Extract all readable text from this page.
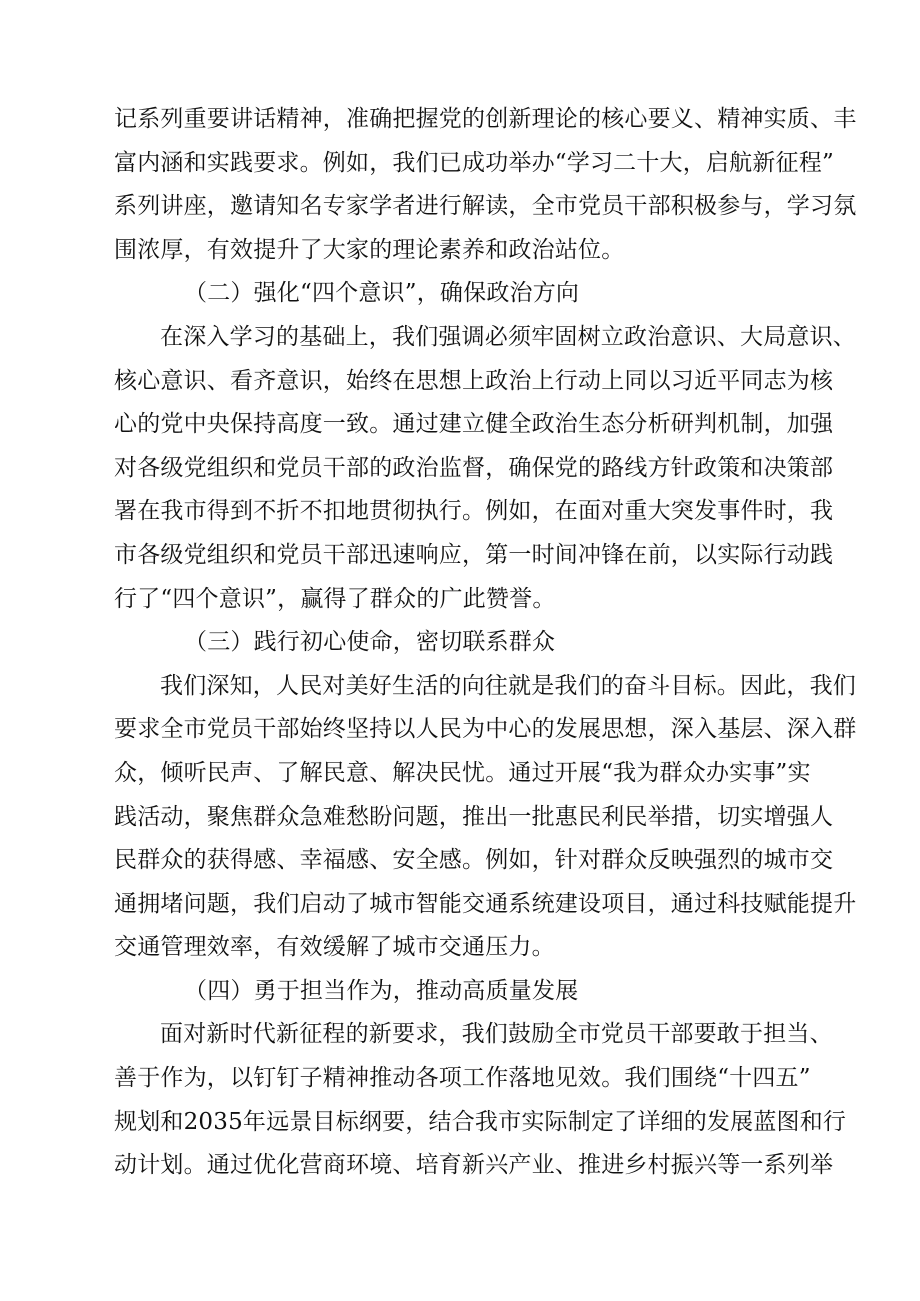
记系列重要讲话精神，准确把握党的创新理论的核心要义、精神实质、丰
富内涵和实践要求。例如，我们已成功举办“学习二十大，启航新征程”
系列讲座，邀请知名专家学者进行解读，全市党员干部积极参与，学习氛
围浓厚，有效提升了大家的理论素养和政治站位。
（二）强化“四个意识”，确保政治方向
在深入学习的基础上，我们强调必须牢固树立政治意识、大局意识、
核心意识、看齐意识，始终在思想上政治上行动上同以习近平同志为核
心的党中央保持高度一致。通过建立健全政治生态分析研判机制，加强
对各级党组织和党员干部的政治监督，确保党的路线方针政策和决策部
署在我市得到不折不扣地贯彻执行。例如，在面对重大突发事件时，我
市各级党组织和党员干部迅速响应，第一时间冲锋在前，以实际行动践
行了“四个意识”，赢得了群众的广此赞誉。
（三）践行初心使命，密切联系群众
我们深知，人民对美好生活的向往就是我们的奋斗目标。因此，我们
要求全市党员干部始终坚持以人民为中心的发展思想，深入基层、深入群
众，倾听民声、了解民意、解决民忧。通过开展“我为群众办实事”实
践活动，聚焦群众急难愁盼问题，推出一批惠民利民举措，切实增强人
民群众的获得感、幸福感、安全感。例如，针对群众反映强烈的城市交
通拥堵问题，我们启动了城市智能交通系统建设项目，通过科技赋能提升
交通管理效率，有效缓解了城市交通压力。
（四）勇于担当作为，推动高质量发展
面对新时代新征程的新要求，我们鼓励全市党员干部要敢于担当、
善于作为，以钉钉子精神推动各项工作落地见效。我们围绕“十四五”
规划和2035年远景目标纲要，结合我市实际制定了详细的发展蓝图和行
动计划。通过优化营商环境、培育新兴产业、推进乡村振兴等一系列举
